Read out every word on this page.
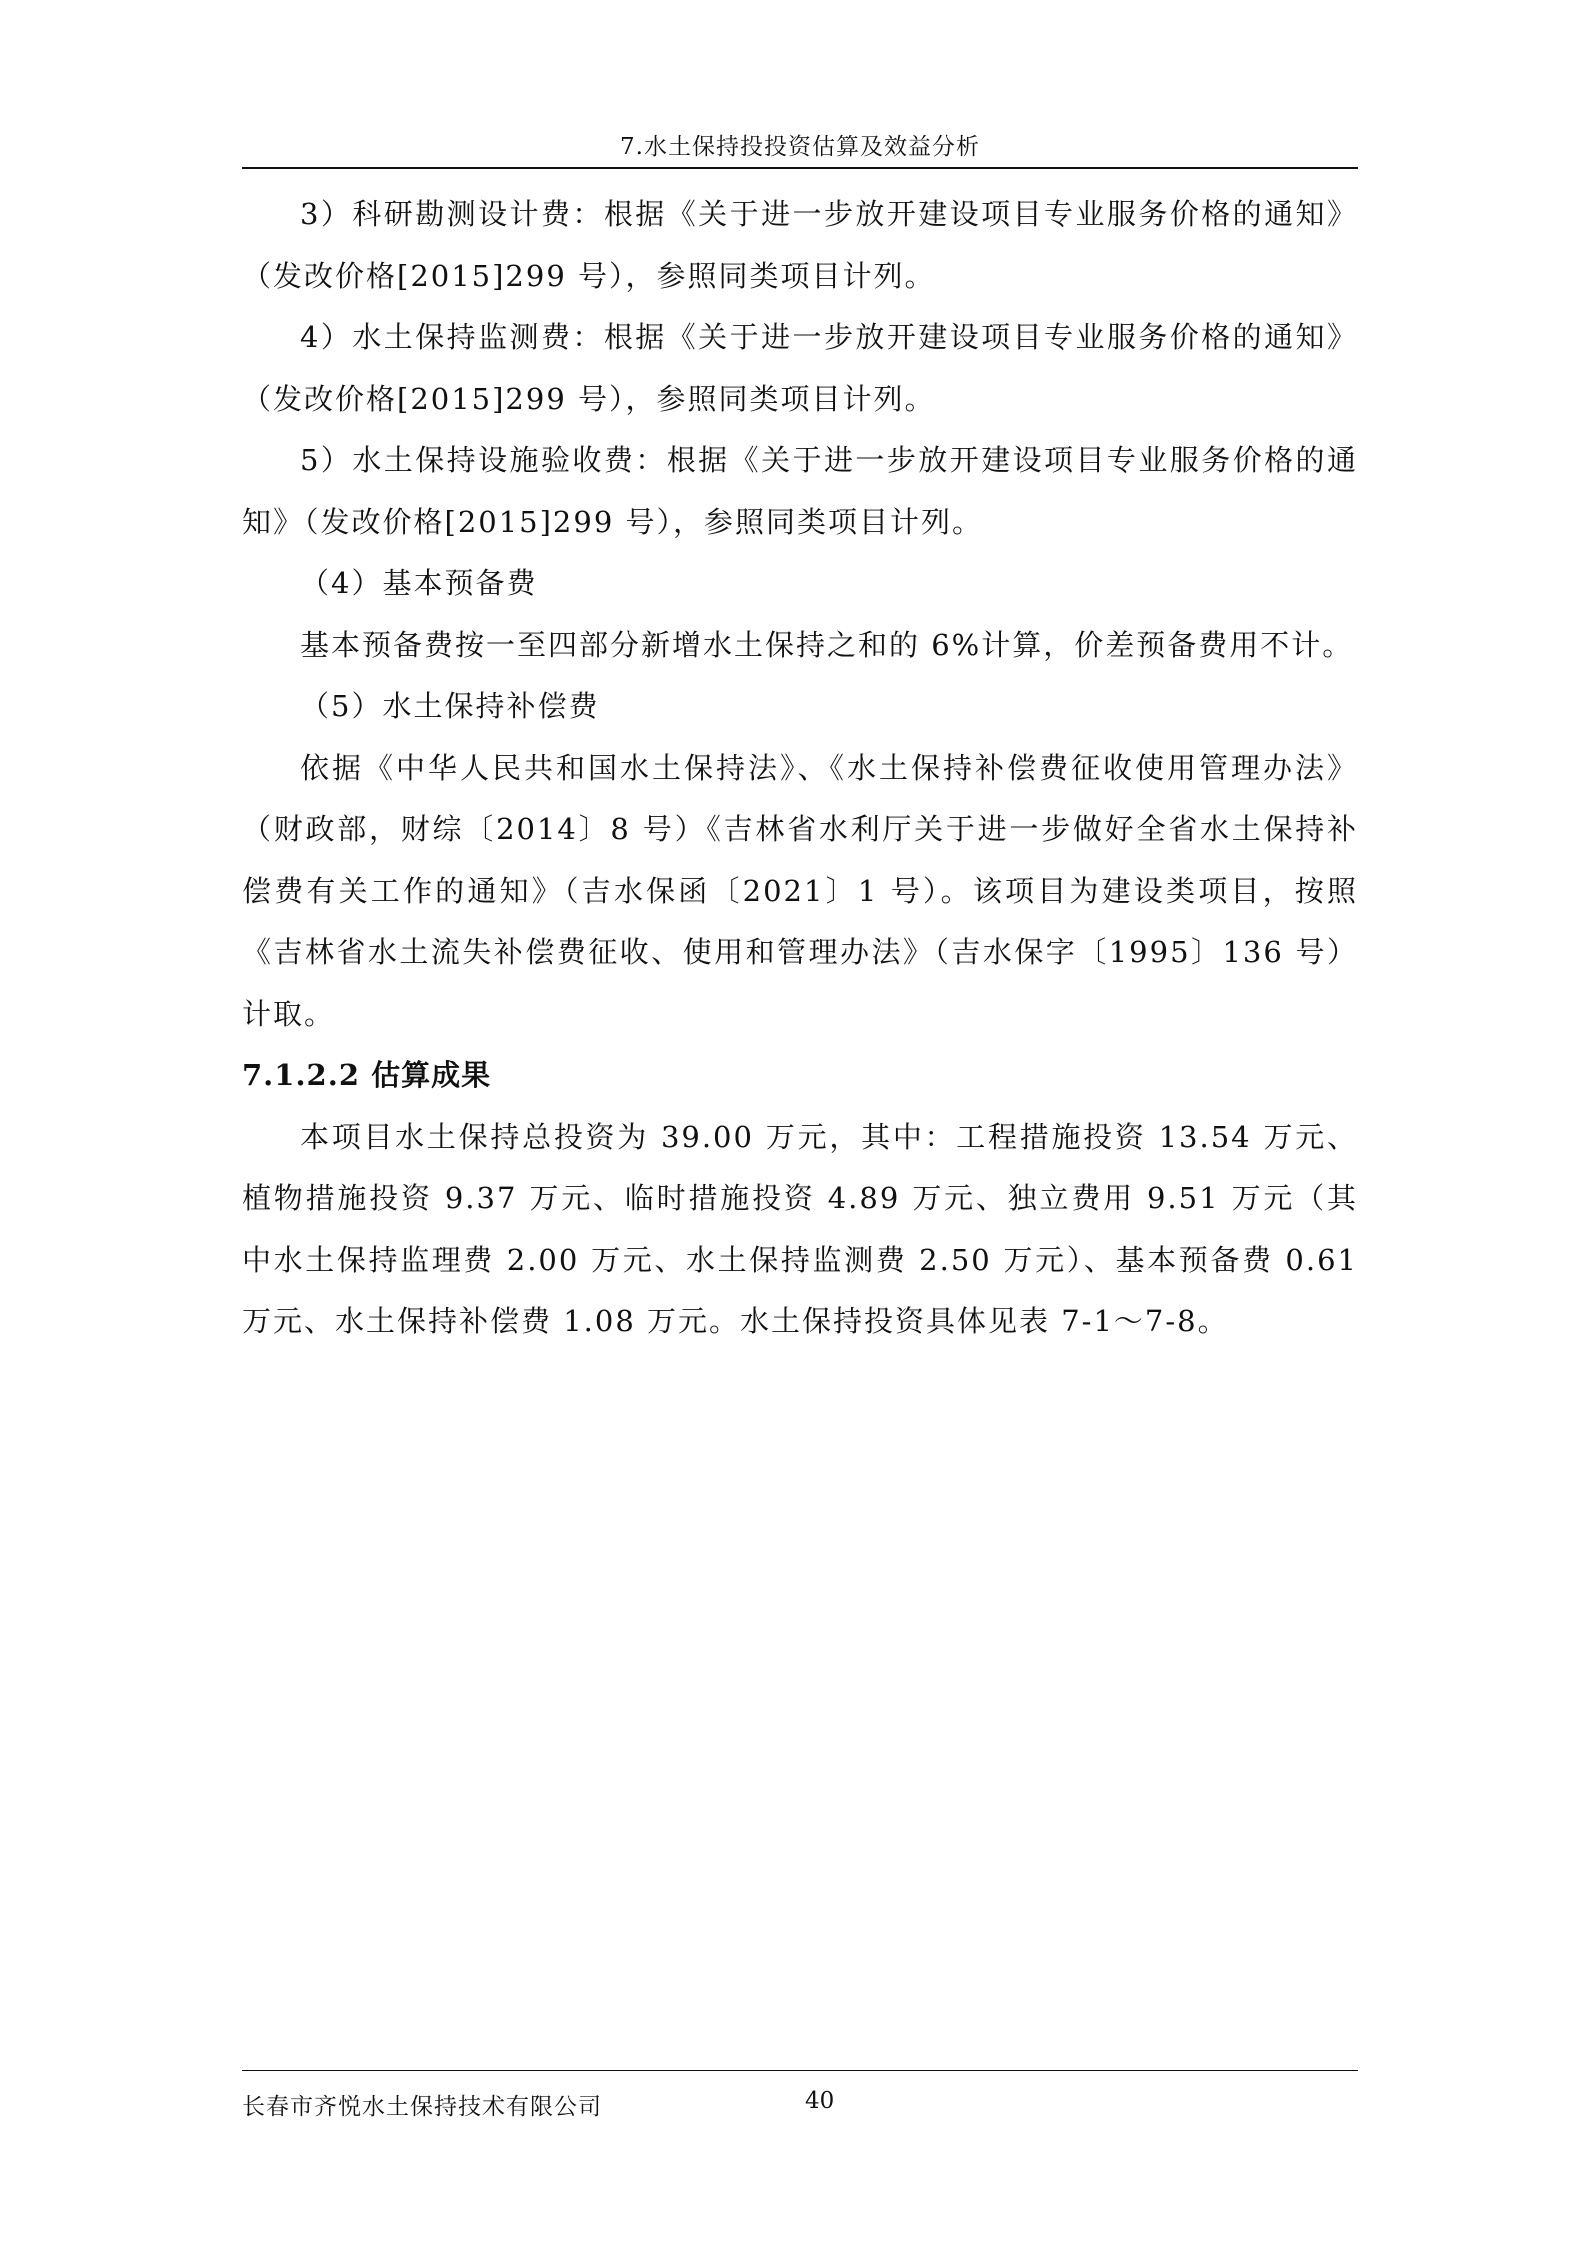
7.水土保持投投资估算及效益分析

3）科研勘测设计费：根据《关于进一步放开建设项目专业服务价格的通知》（发改价格[2015]299 号），参照同类项目计列。

4）水土保持监测费：根据《关于进一步放开建设项目专业服务价格的通知》（发改价格[2015]299 号），参照同类项目计列。

5）水土保持设施验收费：根据《关于进一步放开建设项目专业服务价格的通知》（发改价格[2015]299 号），参照同类项目计列。

（4）基本预备费

基本预备费按一至四部分新增水土保持之和的 6%计算，价差预备费用不计。

（5）水土保持补偿费

依据《中华人民共和国水土保持法》、《水土保持补偿费征收使用管理办法》（财政部，财综〔2014〕8 号）《吉林省水利厅关于进一步做好全省水土保持补偿费有关工作的通知》（吉水保函〔2021〕1 号）。该项目为建设类项目，按照《吉林省水土流失补偿费征收、使用和管理办法》（吉水保字〔1995〕136 号）计取。

7.1.2.2 估算成果

本项目水土保持总投资为 39.00 万元，其中：工程措施投资 13.54 万元、植物措施投资 9.37 万元、临时措施投资 4.89 万元、独立费用 9.51 万元（其中水土保持监理费 2.00 万元、水土保持监测费 2.50 万元）、基本预备费 0.61 万元、水土保持补偿费 1.08 万元。水土保持投资具体见表 7-1～7-8。

长春市齐悦水土保持技术有限公司	40
